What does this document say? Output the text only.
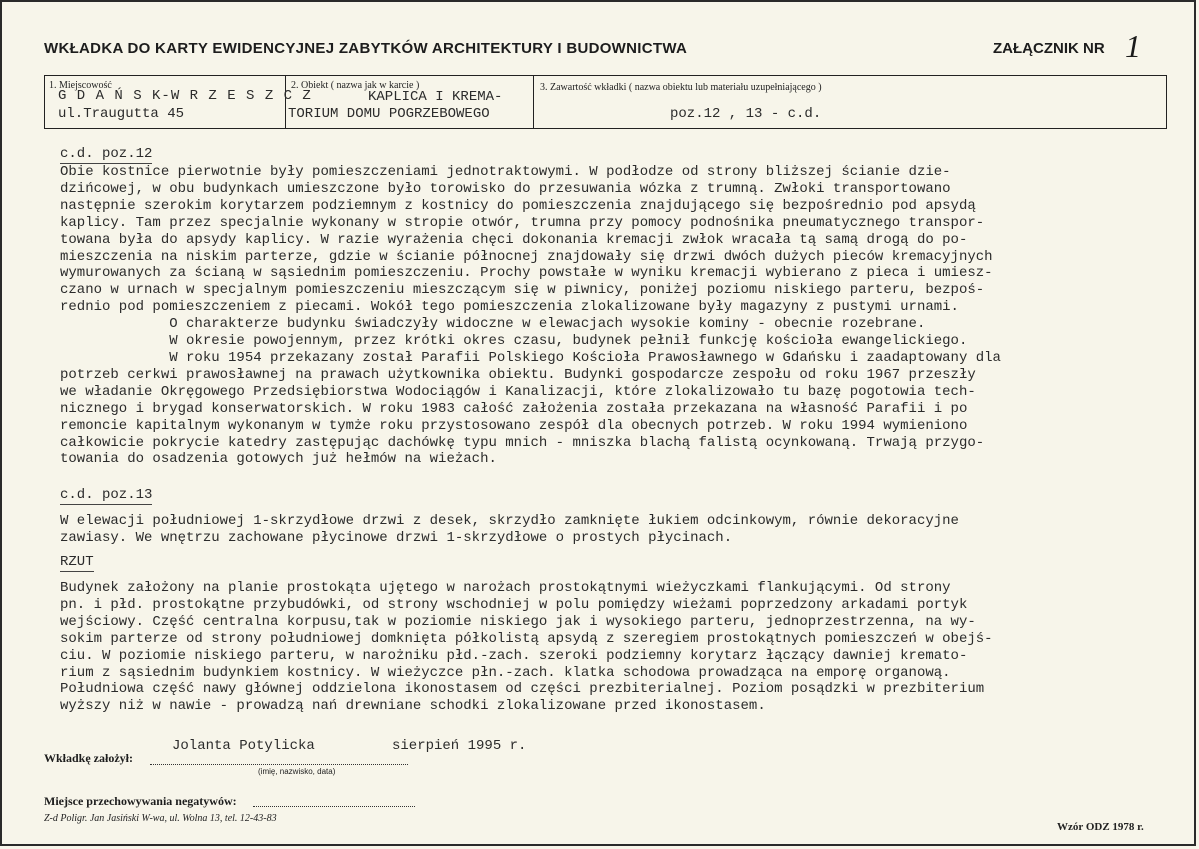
WKŁADKA DO KARTY EWIDENCYJNEJ ZABYTKÓW ARCHITEKTURY I BUDOWNICTWA	ZAŁĄCZNIK NR 1
1. Miejscowość
G D A Ń S K-W R Z E S Z C Z
ul.Traugutta 45
2. Obiekt ( nazwa jak w karcie )
KAPLICA I KREMA-
TORIUM DOMU POGRZEBOWEGO
3. Zawartość wkładki ( nazwa obiektu lub materiału uzupełniającego )
poz.12 , 13 - c.d.
c.d. poz.12
Obie kostnice pierwotnie były pomieszczeniami jednotraktowymi. W podłodze od strony bliższej ścianie dzie-
dzińcowej, w obu budynkach umieszczone było torowisko do przesuwania wózka z trumną. Zwłoki transportowano
następnie szerokim korytarzem podziemnym z kostnicy do pomieszczenia znajdującego się bezpośrednio pod apsydą
kaplicy. Tam przez specjalnie wykonany w stropie otwór, trumna przy pomocy podnośnika pneumatycznego transpor-
towana była do apsydy kaplicy. W razie wyrażenia chęci dokonania kremacji zwłok wracała tą samą drogą do po-
mieszczenia na niskim parterze, gdzie w ścianie północnej znajdowały się drzwi dwóch dużych pieców kremacyjnych
wymurowanych za ścianą w sąsiednim pomieszczeniu. Prochy powstałe w wyniku kremacji wybierano z pieca i umiesz-
czano w urnach w specjalnym pomieszczeniu mieszczącym się w piwnicy, poniżej poziomu niskiego parteru, bezpoś-
rednio pod pomieszczeniem z piecami. Wokół tego pomieszczenia zlokalizowane były magazyny z pustymi urnami.
O charakterze budynku świadczyły widoczne w elewacjach wysokie kominy - obecnie rozebrane.
W okresie powojennym, przez krótki okres czasu, budynek pełnił funkcję kościoła ewangelickiego.
W roku 1954 przekazany został Parafii Polskiego Kościoła Prawosławnego w Gdańsku i zaadaptowany dla
potrzeb cerkwi prawosławnej na prawach użytkownika obiektu. Budynki gospodarcze zespołu od roku 1967 przeszły
we władanie Okręgowego Przedsiębiorstwa Wodociągów i Kanalizacji, które zlokalizowało tu bazę pogotowia tech-
nicznego i brygad konserwatorskich. W roku 1983 całość założenia została przekazana na własność Parafii i po
remoncie kapitalnym wykonanym w tymże roku przystosowano zespół dla obecnych potrzeb. W roku 1994 wymieniono
całkowicie pokrycie katedry zastępując dachówkę typu mnich - mniszka blachą falistą ocynkowaną. Trwają przygo-
towania do osadzenia gotowych już hełmów na wieżach.
c.d. poz.13
W elewacji południowej 1-skrzydłowe drzwi z desek, skrzydło zamknięte łukiem odcinkowym, równie dekoracyjne
zawiasy. We wnętrzu zachowane płycinowe drzwi 1-skrzydłowe o prostych płycinach.
RZUT
Budynek założony na planie prostokąta ujętego w narożach prostokątnymi wieżyczkami flankującymi. Od strony
pn. i płd. prostokątne przybudówki, od strony wschodniej w polu pomiędzy wieżami poprzedzony arkadami portyk
wejściowy. Część centralna korpusu,tak w poziomie niskiego jak i wysokiego parteru, jednoprzestrzenna, na wy-
sokim parterze od strony południowej domknięta półkolistą apsydą z szeregiem prostokątnych pomieszczeń w obejś-
ciu. W poziomie niskiego parteru, w narożniku płd.-zach. szeroki podziemny korytarz łączący dawniej kremato-
rium z sąsiednim budynkiem kostnicy. W wieżyczce płn.-zach. klatka schodowa prowadząca na emporę organową.
Południowa część nawy głównej oddzielona ikonostasem od części prezbiterialnej. Poziom posądzki w prezbiterium
wyższy niż w nawie - prowadzą nań drewniane schodki zlokalizowane przed ikonostasem.
Wkładkę założył:
Jolanta Potylicka	sierpień 1995 r.
(imię, nazwisko, data)
Miejsce przechowywania negatywów:
Z-d Poligr. Jan Jasiński W-wa, ul. Wolna 13, tel. 12-43-83
Wzór ODZ 1978 r.
